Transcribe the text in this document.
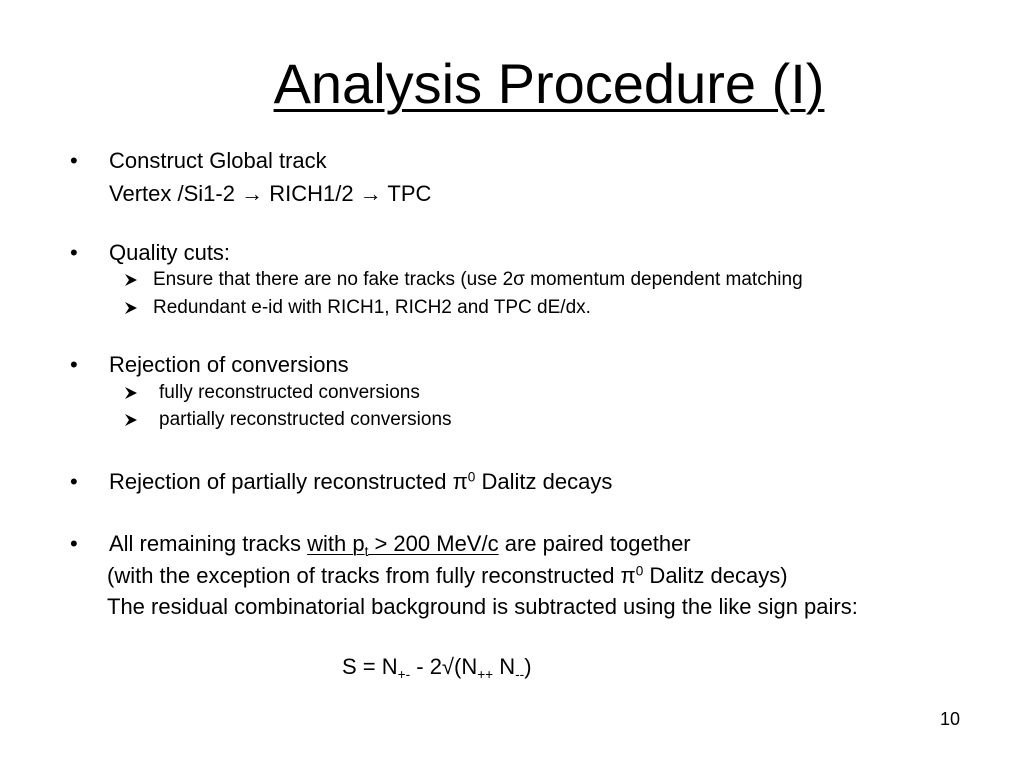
Analysis Procedure (I)
• Construct Global track
Vertex /Si1-2 → RICH1/2 → TPC
• Quality cuts:
Ensure that there are no fake tracks (use 2σ momentum dependent matching
Redundant e-id with RICH1, RICH2 and TPC dE/dx.
• Rejection of conversions
fully reconstructed conversions
partially reconstructed conversions
• Rejection of partially reconstructed $\pi^0$ Dalitz decays
• All remaining tracks with $p_t > 200$ MeV/c are paired together
(with the exception of tracks from fully reconstructed $\pi^0$ Dalitz decays)
The residual combinatorial background is subtracted using the like sign pairs:
$S = N_{+-} - 2√(N_{++}$ $N_{--}$)
10
